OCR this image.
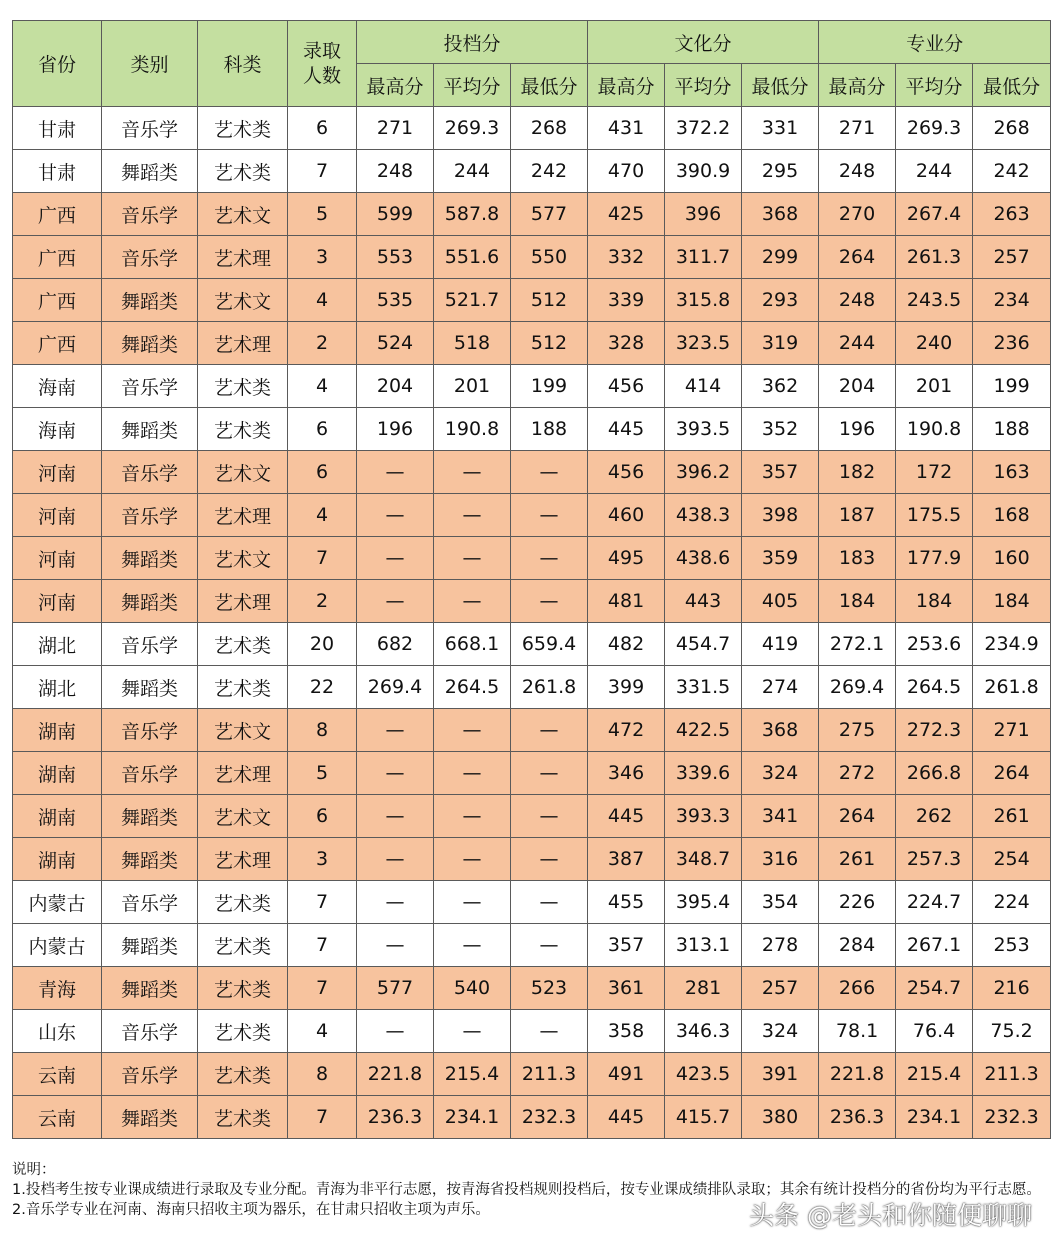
省份	类别	科类	录取人数	投档分			文化分			专业分		
				最高分	平均分	最低分	最高分	平均分	最低分	最高分	平均分	最低分
甘肃	音乐学	艺术类	6	271	269.3	268	431	372.2	331	271	269.3	268
甘肃	舞蹈类	艺术类	7	248	244	242	470	390.9	295	248	244	242
广西	音乐学	艺术文	5	599	587.8	577	425	396	368	270	267.4	263
广西	音乐学	艺术理	3	553	551.6	550	332	311.7	299	264	261.3	257
广西	舞蹈类	艺术文	4	535	521.7	512	339	315.8	293	248	243.5	234
广西	舞蹈类	艺术理	2	524	518	512	328	323.5	319	244	240	236
海南	音乐学	艺术类	4	204	201	199	456	414	362	204	201	199
海南	舞蹈类	艺术类	6	196	190.8	188	445	393.5	352	196	190.8	188
河南	音乐学	艺术文	6	—	—	—	456	396.2	357	182	172	163
河南	音乐学	艺术理	4	—	—	—	460	438.3	398	187	175.5	168
河南	舞蹈类	艺术文	7	—	—	—	495	438.6	359	183	177.9	160
河南	舞蹈类	艺术理	2	—	—	—	481	443	405	184	184	184
湖北	音乐学	艺术类	20	682	668.1	659.4	482	454.7	419	272.1	253.6	234.9
湖北	舞蹈类	艺术类	22	269.4	264.5	261.8	399	331.5	274	269.4	264.5	261.8
湖南	音乐学	艺术文	8	—	—	—	472	422.5	368	275	272.3	271
湖南	音乐学	艺术理	5	—	—	—	346	339.6	324	272	266.8	264
湖南	舞蹈类	艺术文	6	—	—	—	445	393.3	341	264	262	261
湖南	舞蹈类	艺术理	3	—	—	—	387	348.7	316	261	257.3	254
内蒙古	音乐学	艺术类	7	—	—	—	455	395.4	354	226	224.7	224
内蒙古	舞蹈类	艺术类	7	—	—	—	357	313.1	278	284	267.1	253
青海	舞蹈类	艺术类	7	577	540	523	361	281	257	266	254.7	216
山东	音乐学	艺术类	4	—	—	—	358	346.3	324	78.1	76.4	75.2
云南	音乐学	艺术类	8	221.8	215.4	211.3	491	423.5	391	221.8	215.4	211.3
云南	舞蹈类	艺术类	7	236.3	234.1	232.3	445	415.7	380	236.3	234.1	232.3

说明：

1.投档考生按专业课成绩进行录取及专业分配。青海为非平行志愿，按青海省投档规则投档后，按专业课成绩排队录取；其余有统计投档分的省份均为平行志愿。

2.音乐学专业在河南、海南只招收主项为器乐，在甘肃只招收主项为声乐。	头条 @老头和你随便聊聊
